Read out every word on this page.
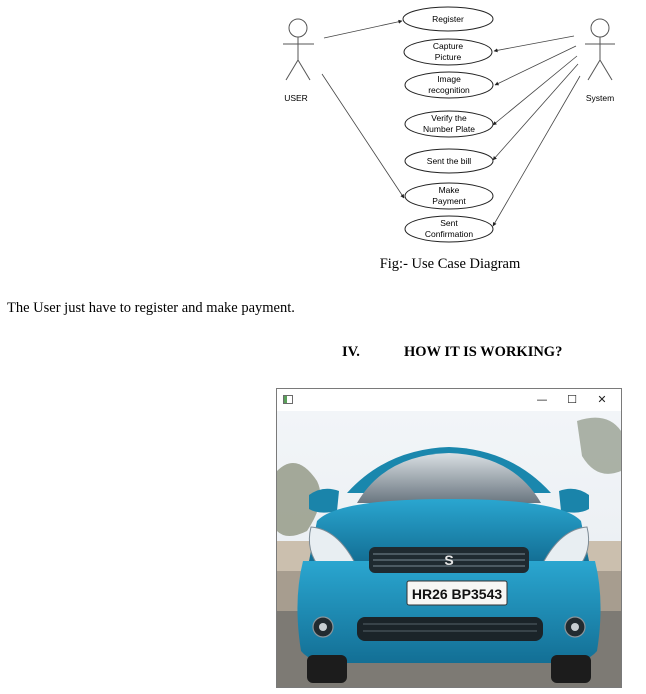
USER	System
Register
Capture
Picture
Image
recognition
Verify the
Number Plate
Sent the bill
Make
Payment
Sent
Confirmation
Fig:- Use Case Diagram
The User just have to register and make payment.
IV.	HOW IT IS WORKING?
—	☐	✕
S
HR26 BP3543
